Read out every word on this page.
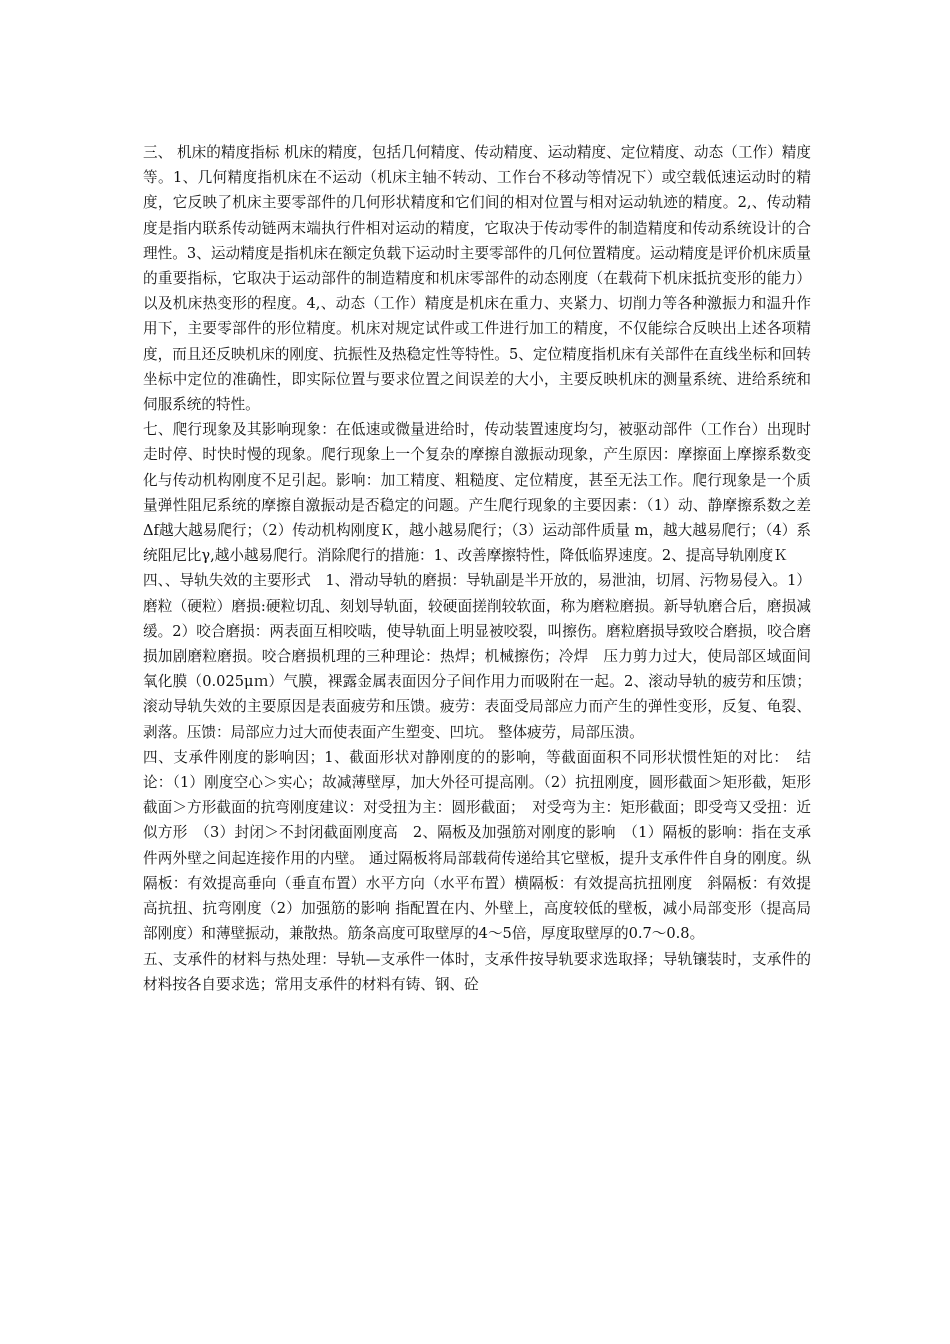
三、 机床的精度指标 机床的精度，包括几何精度、传动精度、运动精度、定位精度、动态（工作）精度等。1、几何精度指机床在不运动（机床主轴不转动、工作台不移动等情况下）或空载低速运动时的精度，它反映了机床主要零部件的几何形状精度和它们间的相对位置与相对运动轨迹的精度。2,、传动精度是指内联系传动链两末端执行件相对运动的精度，它取决于传动零件的制造精度和传动系统设计的合理性。3、运动精度是指机床在额定负载下运动时主要零部件的几何位置精度。运动精度是评价机床质量的重要指标，它取决于运动部件的制造精度和机床零部件的动态刚度（在载荷下机床抵抗变形的能力）以及机床热变形的程度。4,、动态（工作）精度是机床在重力、夹紧力、切削力等各种激振力和温升作用下，主要零部件的形位精度。机床对规定试件或工件进行加工的精度，不仅能综合反映出上述各项精度，而且还反映机床的刚度、抗振性及热稳定性等特性。5、定位精度指机床有关部件在直线坐标和回转坐标中定位的准确性，即实际位置与要求位置之间误差的大小，主要反映机床的测量系统、进给系统和伺服系统的特性。

七、爬行现象及其影响现象：在低速或微量进给时，传动装置速度均匀，被驱动部件（工作台）出现时走时停、时快时慢的现象。爬行现象上一个复杂的摩擦自激振动现象，产生原因：摩擦面上摩擦系数变化与传动机构刚度不足引起。影响：加工精度、粗糙度、定位精度，甚至无法工作。爬行现象是一个质量弹性阻尼系统的摩擦自激振动是否稳定的问题。产生爬行现象的主要因素：（1）动、静摩擦系数之差Δf越大越易爬行；（2）传动机构刚度Ｋ，越小越易爬行；（3）运动部件质量 m，越大越易爬行；（4）系统阻尼比γ,越小越易爬行。消除爬行的措施：1、改善摩擦特性，降低临界速度。2、提高导轨刚度Ｋ

四、、导轨失效的主要形式　1、滑动导轨的磨损：导轨副是半开放的，易泄油，切屑、污物易侵入。1）磨粒（硬粒）磨损:硬粒切乱、刻划导轨面，较硬面搓削较软面，称为磨粒磨损。新导轨磨合后，磨损减缓。2）咬合磨损：两表面互相咬啮，使导轨面上明显被咬裂，叫擦伤。磨粒磨损导致咬合磨损，咬合磨损加剧磨粒磨损。咬合磨损机理的三种理论：热焊；机械擦伤；冷焊　压力剪力过大，使局部区域面间氧化膜（0.025μｍ）气膜，裸露金属表面因分子间作用力而吸附在一起。2、滚动导轨的疲劳和压馈；滚动导轨失效的主要原因是表面疲劳和压馈。疲劳：表面受局部应力而产生的弹性变形，反复、龟裂、剥落。压馈：局部应力过大而使表面产生塑变、凹坑。 整体疲劳，局部压溃。

四、支承件刚度的影响因；1、截面形状对静刚度的的影响，等截面面积不同形状惯性矩的对比：　结论：（1）刚度空心＞实心；故减薄壁厚，加大外径可提高刚。（2）抗扭刚度，圆形截面＞矩形截，矩形截面＞方形截面的抗弯刚度建议：对受扭为主：圆形截面；　对受弯为主：矩形截面；即受弯又受扭：近似方形　（3）封闭＞不封闭截面刚度高　2、隔板及加强筋对刚度的影响　（1）隔板的影响：指在支承件两外壁之间起连接作用的内壁。 通过隔板将局部载荷传递给其它壁板，提升支承件件自身的刚度。纵隔板：有效提高垂向（垂直布置）水平方向（水平布置）横隔板：有效提高抗扭刚度　斜隔板：有效提高抗扭、抗弯刚度（2）加强筋的影响 指配置在内、外壁上，高度较低的壁板，减小局部变形（提高局部刚度）和薄壁振动，兼散热。筋条高度可取壁厚的4～5倍，厚度取壁厚的0.7～0.8。

五、支承件的材料与热处理：导轨—支承件一体时，支承件按导轨要求选取择；导轨镶装时，支承件的材料按各自要求选；常用支承件的材料有铸、钢、砼
